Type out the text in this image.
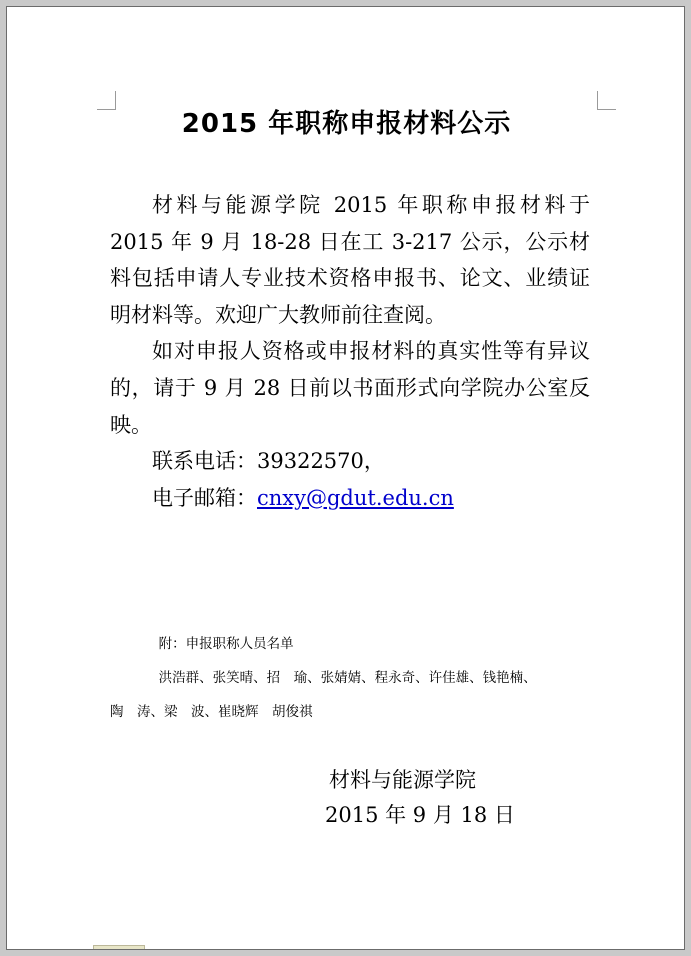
2015 年职称申报材料公示

材料与能源学院 2015 年职称申报材料于 2015 年 9 月 18-28 日在工 3-217 公示，公示材料包括申请人专业技术资格申报书、论文、业绩证明材料等。欢迎广大教师前往查阅。

如对申报人资格或申报材料的真实性等有异议的，请于 9 月 28 日前以书面形式向学院办公室反映。

联系电话：39322570，

电子邮箱：cnxy@gdut.edu.cn

附：申报职称人员名单
洪浩群、张笑晴、招　瑜、张婧婧、程永奇、许佳雄、钱艳楠、
陶　涛、梁　波、崔晓辉　胡俊祺
材料与能源学院
2015 年 9 月 18 日
